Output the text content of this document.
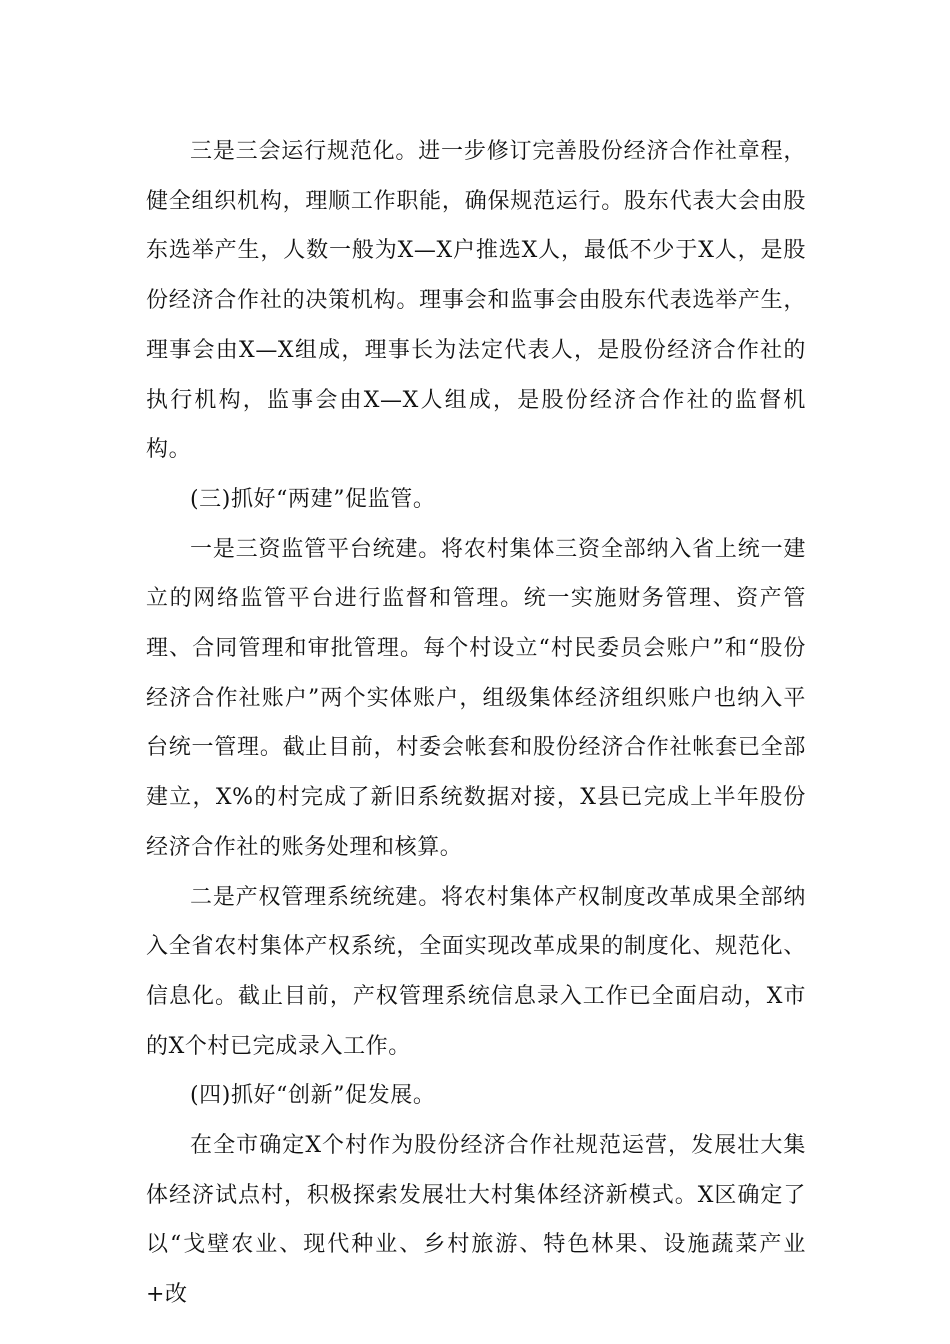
三是三会运行规范化。进一步修订完善股份经济合作社章程，健全组织机构，理顺工作职能，确保规范运行。股东代表大会由股东选举产生，人数一般为X—X户推选X人，最低不少于X人，是股份经济合作社的决策机构。理事会和监事会由股东代表选举产生，理事会由X—X组成，理事长为法定代表人，是股份经济合作社的执行机构，监事会由X—X人组成，是股份经济合作社的监督机构。

(三)抓好“两建”促监管。

一是三资监管平台统建。将农村集体三资全部纳入省上统一建立的网络监管平台进行监督和管理。统一实施财务管理、资产管理、合同管理和审批管理。每个村设立“村民委员会账户”和“股份经济合作社账户”两个实体账户，组级集体经济组织账户也纳入平台统一管理。截止目前，村委会帐套和股份经济合作社帐套已全部建立，X%的村完成了新旧系统数据对接，X县已完成上半年股份经济合作社的账务处理和核算。

二是产权管理系统统建。将农村集体产权制度改革成果全部纳入全省农村集体产权系统，全面实现改革成果的制度化、规范化、信息化。截止目前，产权管理系统信息录入工作已全面启动，X市的X个村已完成录入工作。

(四)抓好“创新”促发展。

在全市确定X个村作为股份经济合作社规范运营，发展壮大集体经济试点村，积极探索发展壮大村集体经济新模式。X区确定了以“戈壁农业、现代种业、乡村旅游、特色林果、设施蔬菜产业+改
